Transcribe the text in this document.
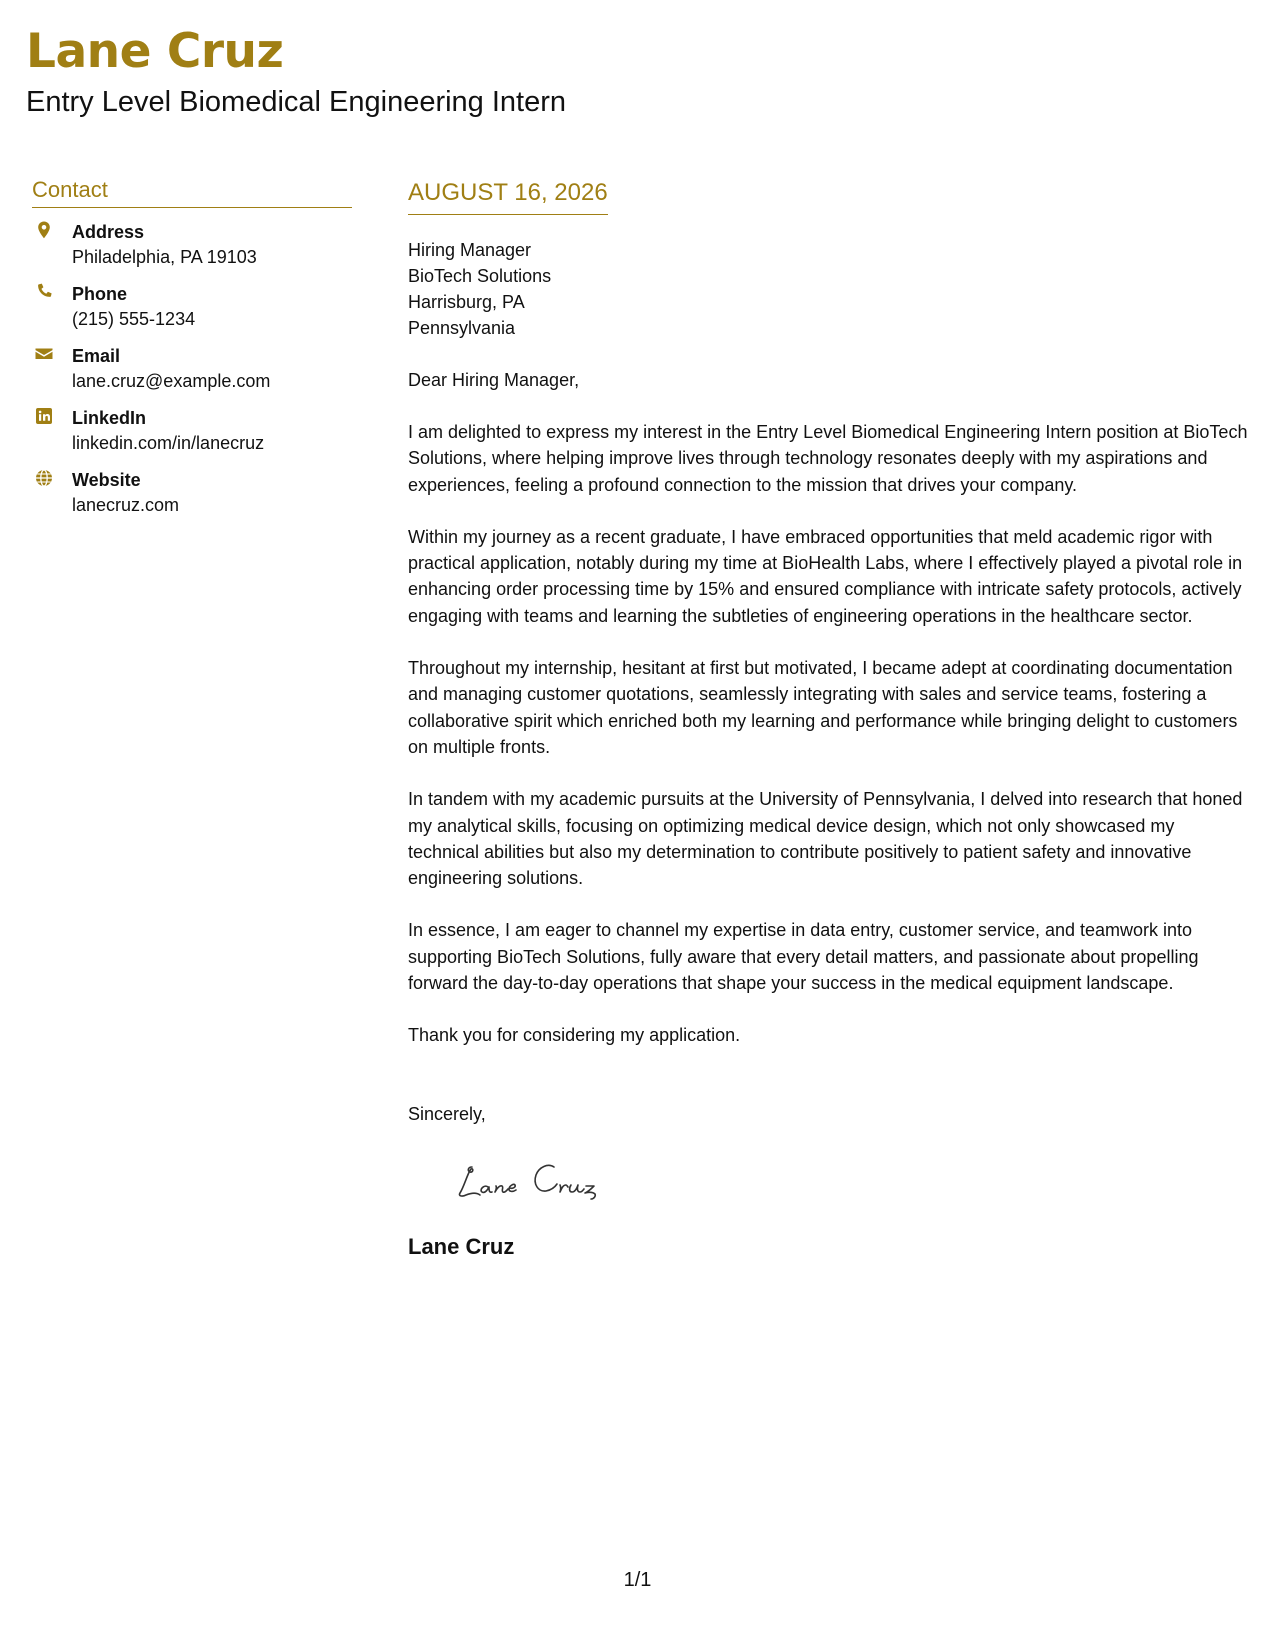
Lane Cruz
Entry Level Biomedical Engineering Intern
Contact
Address
Philadelphia, PA 19103
Phone
(215) 555-1234
Email
lane.cruz@example.com
LinkedIn
linkedin.com/in/lanecruz
Website
lanecruz.com
AUGUST 16, 2026
Hiring Manager
BioTech Solutions
Harrisburg, PA
Pennsylvania
Dear Hiring Manager,
I am delighted to express my interest in the Entry Level Biomedical Engineering Intern position at BioTech Solutions, where helping improve lives through technology resonates deeply with my aspirations and experiences, feeling a profound connection to the mission that drives your company.
Within my journey as a recent graduate, I have embraced opportunities that meld academic rigor with practical application, notably during my time at BioHealth Labs, where I effectively played a pivotal role in enhancing order processing time by 15% and ensured compliance with intricate safety protocols, actively engaging with teams and learning the subtleties of engineering operations in the healthcare sector.
Throughout my internship, hesitant at first but motivated, I became adept at coordinating documentation and managing customer quotations, seamlessly integrating with sales and service teams, fostering a collaborative spirit which enriched both my learning and performance while bringing delight to customers on multiple fronts.
In tandem with my academic pursuits at the University of Pennsylvania, I delved into research that honed my analytical skills, focusing on optimizing medical device design, which not only showcased my technical abilities but also my determination to contribute positively to patient safety and innovative engineering solutions.
In essence, I am eager to channel my expertise in data entry, customer service, and teamwork into supporting BioTech Solutions, fully aware that every detail matters, and passionate about propelling forward the day-to-day operations that shape your success in the medical equipment landscape.
Thank you for considering my application.
Sincerely,
Lane Cruz
1/1
